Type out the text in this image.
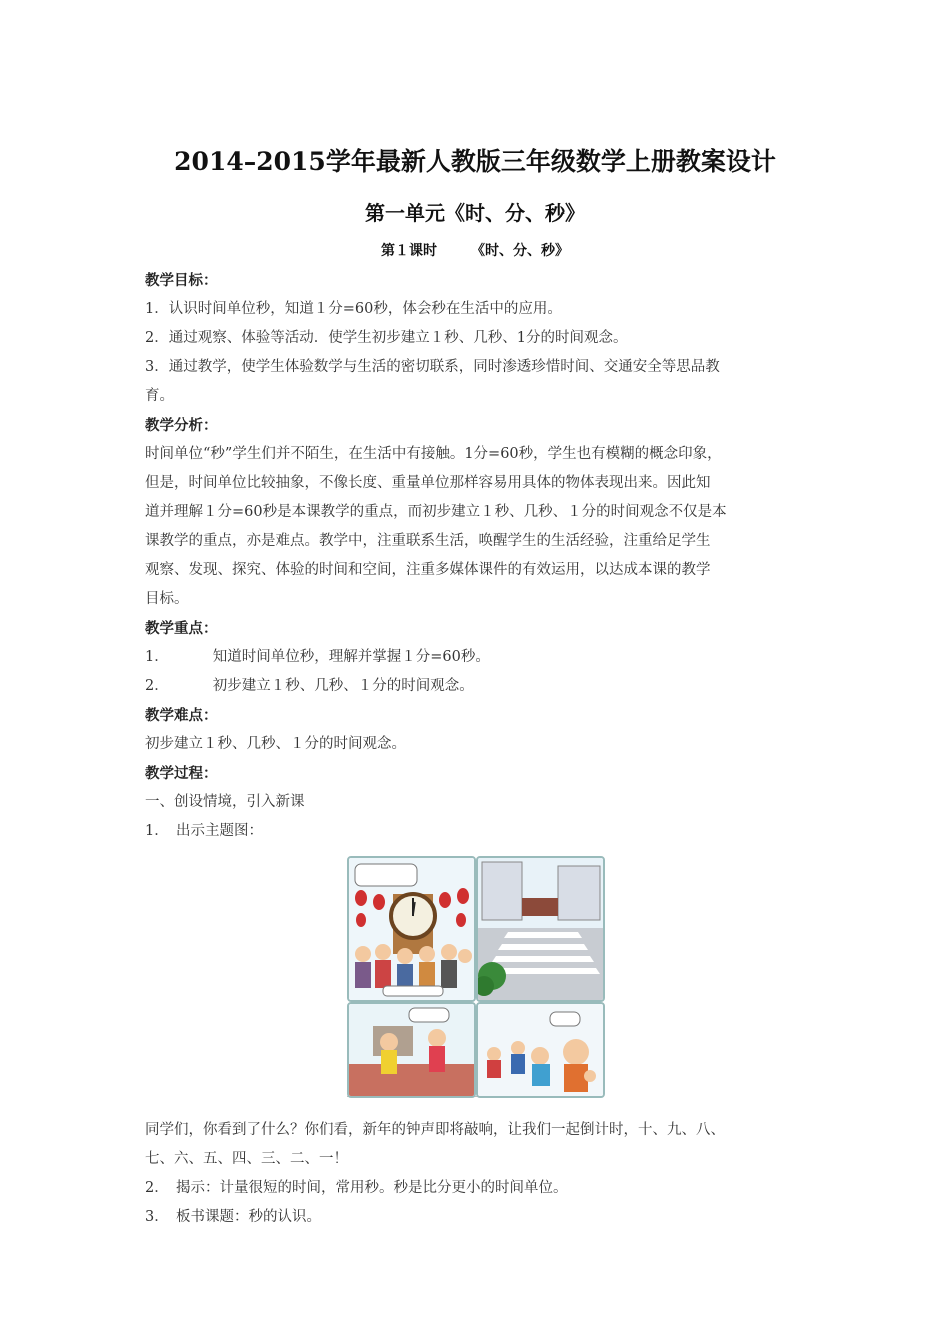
2014–2015学年最新人教版三年级数学上册教案设计
第一单元《时、分、秒》
第１课时 《时、分、秒》
教学目标：
1．认识时间单位秒，知道１分=60秒，体会秒在生活中的应用。
2．通过观察、体验等活动．使学生初步建立１秒、几秒、1分的时间观念。
3．通过教学，使学生体验数学与生活的密切联系，同时渗透珍惜时间、交通安全等思品教
育。
教学分析：
时间单位“秒”学生们并不陌生，在生活中有接触。1分=60秒，学生也有模糊的概念印象，
但是，时间单位比较抽象，不像长度、重量单位那样容易用具体的物体表现出来。因此知
道并理解１分=60秒是本课教学的重点，而初步建立１秒、几秒、１分的时间观念不仅是本
课教学的重点，亦是难点。教学中，注重联系生活，唤醒学生的生活经验，注重给足学生
观察、发现、探究、体验的时间和空间，注重多媒体课件的有效运用，以达成本课的教学
目标。
教学重点：
1．	知道时间单位秒，理解并掌握１分=60秒。
2．	初步建立１秒、几秒、１分的时间观念。
教学难点：
初步建立１秒、几秒、１分的时间观念。
教学过程：
一、创设情境，引入新课
1．　出示主题图：
同学们，你看到了什么？你们看，新年的钟声即将敲响，让我们一起倒计时，十、九、八、
七、六、五、四、三、二、一！
2．　揭示：计量很短的时间，常用秒。秒是比分更小的时间单位。
3．　板书课题：秒的认识。
